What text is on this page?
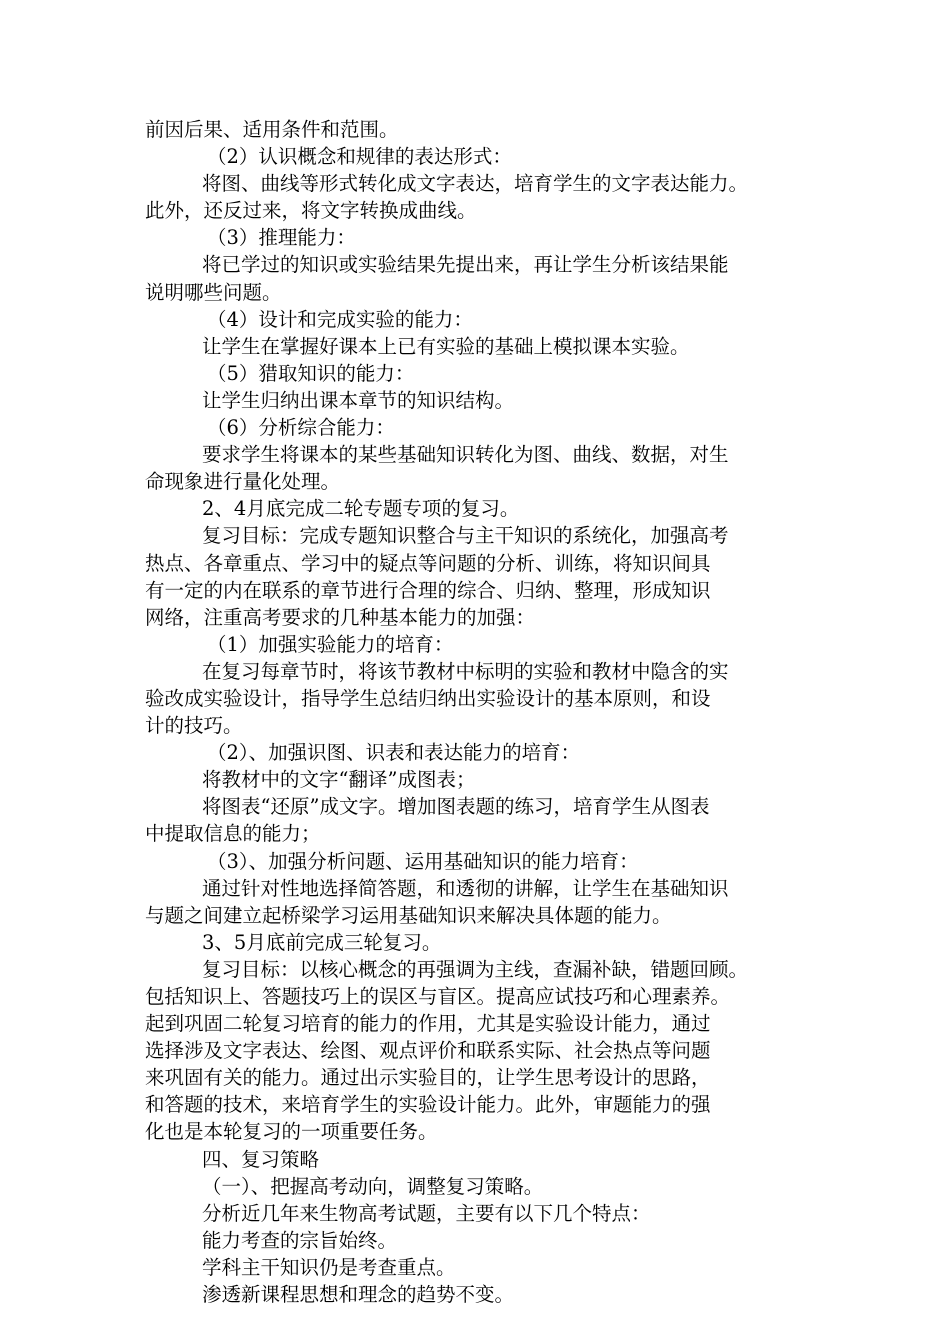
前因后果、适用条件和范围。

（2）认识概念和规律的表达形式：

将图、曲线等形式转化成文字表达，培育学生的文字表达能力。

此外，还反过来，将文字转换成曲线。

（3）推理能力：

将已学过的知识或实验结果先提出来，再让学生分析该结果能

说明哪些问题。

（4）设计和完成实验的能力：

让学生在掌握好课本上已有实验的基础上模拟课本实验。

（5）猎取知识的能力：

让学生归纳出课本章节的知识结构。

（6）分析综合能力：

要求学生将课本的某些基础知识转化为图、曲线、数据，对生

命现象进行量化处理。

2、4月底完成二轮专题专项的复习。

复习目标：完成专题知识整合与主干知识的系统化，加强高考

热点、各章重点、学习中的疑点等问题的分析、训练，将知识间具

有一定的内在联系的章节进行合理的综合、归纳、整理，形成知识

网络，注重高考要求的几种基本能力的加强：

（1）加强实验能力的培育：

在复习每章节时，将该节教材中标明的实验和教材中隐含的实

验改成实验设计，指导学生总结归纳出实验设计的基本原则，和设

计的技巧。

（2）、加强识图、识表和表达能力的培育：

将教材中的文字“翻译”成图表；

将图表“还原”成文字。增加图表题的练习，培育学生从图表

中提取信息的能力；

（3）、加强分析问题、运用基础知识的能力培育：

通过针对性地选择简答题，和透彻的讲解，让学生在基础知识

与题之间建立起桥梁学习运用基础知识来解决具体题的能力。

3、5月底前完成三轮复习。

复习目标：以核心概念的再强调为主线，查漏补缺，错题回顾。

包括知识上、答题技巧上的误区与盲区。提高应试技巧和心理素养。

起到巩固二轮复习培育的能力的作用，尤其是实验设计能力，通过

选择涉及文字表达、绘图、观点评价和联系实际、社会热点等问题

来巩固有关的能力。通过出示实验目的，让学生思考设计的思路，

和答题的技术，来培育学生的实验设计能力。此外，审题能力的强

化也是本轮复习的一项重要任务。

四、复习策略

（一）、把握高考动向，调整复习策略。

分析近几年来生物高考试题，主要有以下几个特点：

能力考查的宗旨始终。

学科主干知识仍是考查重点。

渗透新课程思想和理念的趋势不变。
